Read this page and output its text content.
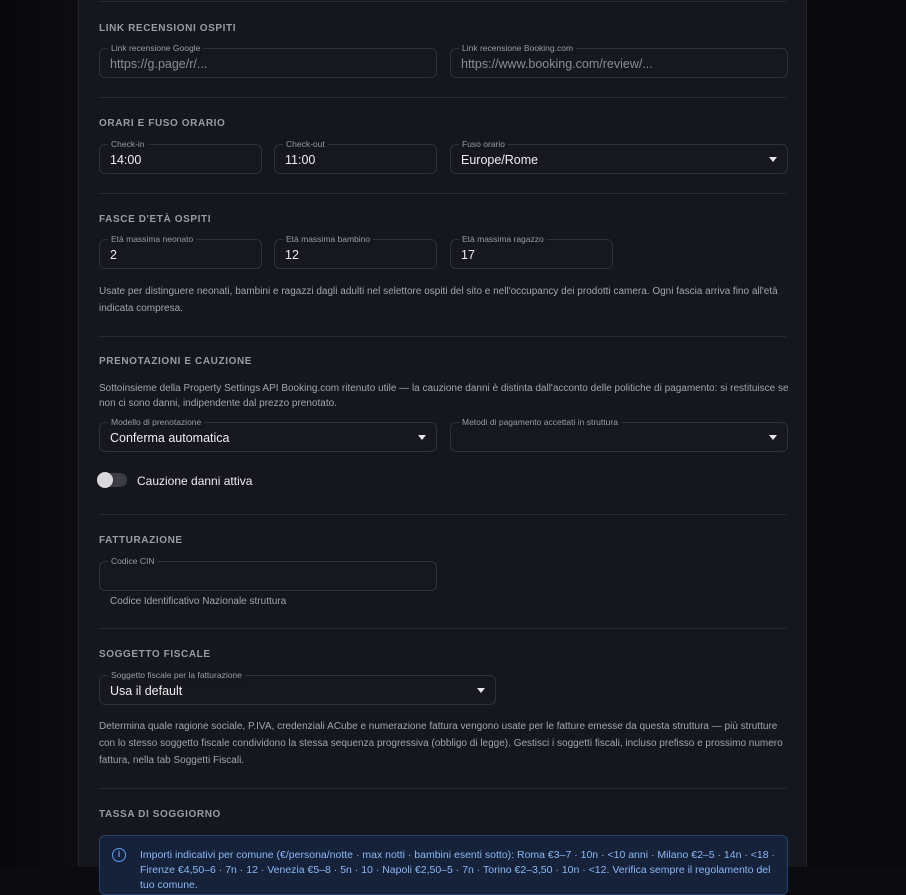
LINK RECENSIONI OSPITI
Link recensione Google
https://g.page/r/...
Link recensione Booking.com
https://www.booking.com/review/...
ORARI E FUSO ORARIO
Check-in
14:00
Check-out
11:00
Fuso orario
Europe/Rome
FASCE D'ETÀ OSPITI
Età massima neonato
2
Età massima bambino
12
Età massima ragazzo
17
Usate per distinguere neonati, bambini e ragazzi dagli adulti nel selettore ospiti del sito e nell'occupancy dei prodotti camera. Ogni fascia arriva fino all'età indicata compresa.
PRENOTAZIONI E CAUZIONE
Sottoinsieme della Property Settings API Booking.com ritenuto utile — la cauzione danni è distinta dall'acconto delle politiche di pagamento: si restituisce se non ci sono danni, indipendente dal prezzo prenotato.
Modello di prenotazione
Conferma automatica
Metodi di pagamento accettati in struttura
Cauzione danni attiva
FATTURAZIONE
Codice CIN
Codice Identificativo Nazionale struttura
SOGGETTO FISCALE
Soggetto fiscale per la fatturazione
Usa il default
Determina quale ragione sociale, P.IVA, credenziali ACube e numerazione fattura vengono usate per le fatture emesse da questa struttura — più strutture con lo stesso soggetto fiscale condividono la stessa sequenza progressiva (obbligo di legge). Gestisci i soggetti fiscali, incluso prefisso e prossimo numero fattura, nella tab Soggetti Fiscali.
TASSA DI SOGGIORNO
i	Importi indicativi per comune (€/persona/notte · max notti · bambini esenti sotto): Roma €3–7 · 10n · <10 anni · Milano €2–5 · 14n · <18 · Firenze €4,50–6 · 7n · 12 · Venezia €5–8 · 5n · 10 · Napoli €2,50–5 · 7n · Torino €2–3,50 · 10n · <12. Verifica sempre il regolamento del tuo comune.
